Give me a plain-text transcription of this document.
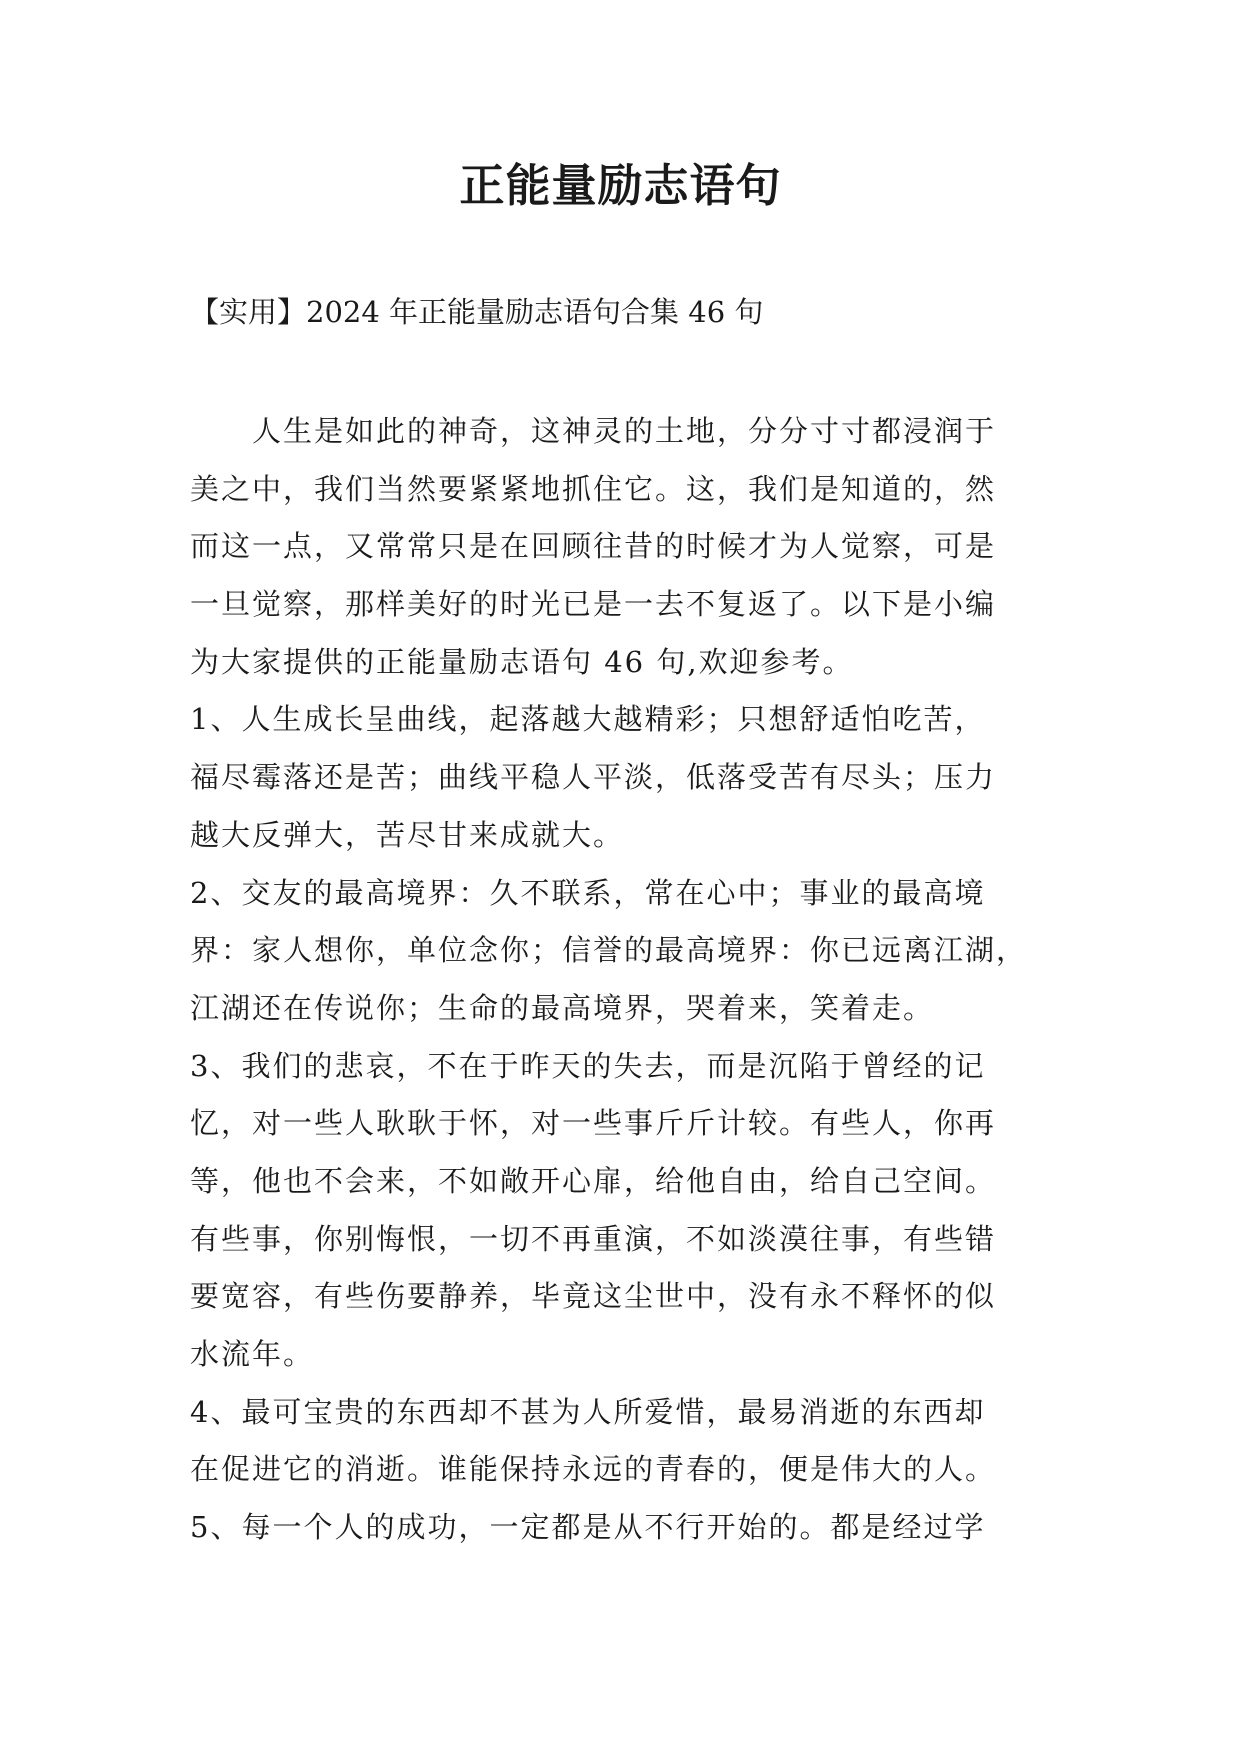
正能量励志语句

【实用】2024 年正能量励志语句合集 46 句

人生是如此的神奇，这神灵的土地，分分寸寸都浸润于
美之中，我们当然要紧紧地抓住它。这，我们是知道的，然
而这一点，又常常只是在回顾往昔的时候才为人觉察，可是
一旦觉察，那样美好的时光已是一去不复返了。以下是小编
为大家提供的正能量励志语句 46 句,欢迎参考。
1、人生成长呈曲线，起落越大越精彩；只想舒适怕吃苦，
福尽霉落还是苦；曲线平稳人平淡，低落受苦有尽头；压力
越大反弹大，苦尽甘来成就大。
2、交友的最高境界：久不联系，常在心中；事业的最高境
界：家人想你，单位念你；信誉的最高境界：你已远离江湖，
江湖还在传说你；生命的最高境界，哭着来，笑着走。
3、我们的悲哀，不在于昨天的失去，而是沉陷于曾经的记
忆，对一些人耿耿于怀，对一些事斤斤计较。有些人，你再
等，他也不会来，不如敞开心扉，给他自由，给自己空间。
有些事，你别悔恨，一切不再重演，不如淡漠往事，有些错
要宽容，有些伤要静养，毕竟这尘世中，没有永不释怀的似
水流年。
4、最可宝贵的东西却不甚为人所爱惜，最易消逝的东西却
在促进它的消逝。谁能保持永远的青春的，便是伟大的人。
5、每一个人的成功，一定都是从不行开始的。都是经过学
